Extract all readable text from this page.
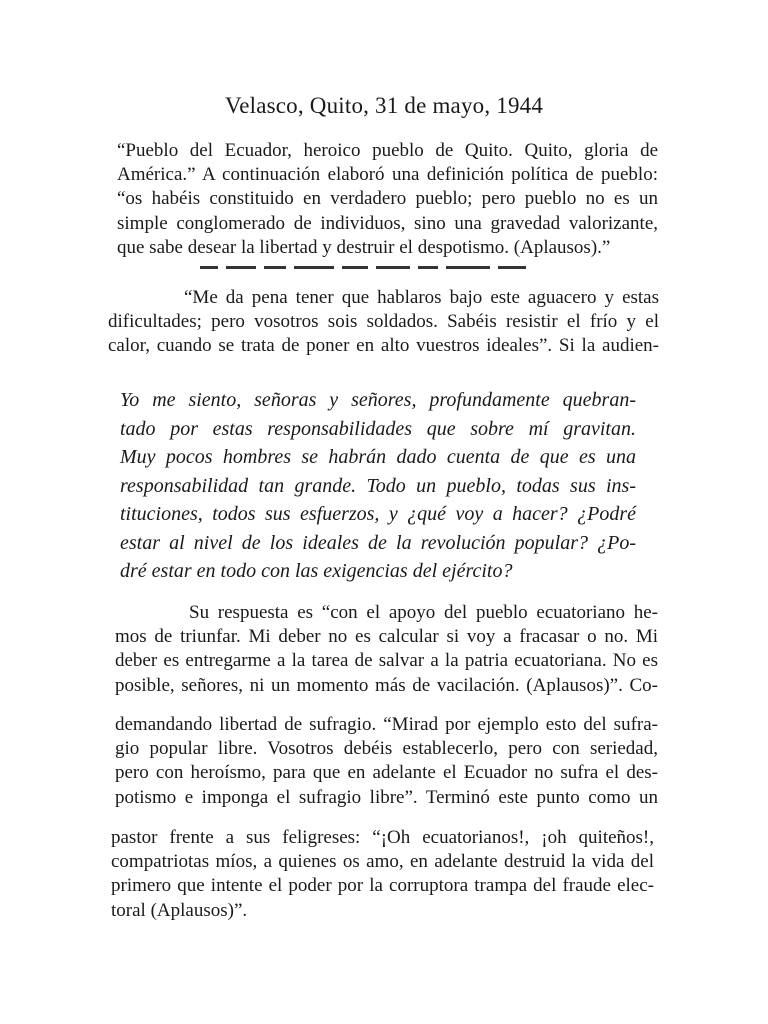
Velasco, Quito, 31 de mayo, 1944
“Pueblo del Ecuador, heroico pueblo de Quito. Quito, gloria de
América.” A continuación elaboró una definición política de pueblo:
“os habéis constituido en verdadero pueblo; pero pueblo no es un
simple conglomerado de individuos, sino una gravedad valorizante,
que sabe desear la libertad y destruir el despotismo. (Aplausos).”
“Me da pena tener que hablaros bajo este aguacero y estas
dificultades; pero vosotros sois soldados. Sabéis resistir el frío y el
calor, cuando se trata de poner en alto vuestros ideales”. Si la audien-
Yo me siento, señoras y señores, profundamente quebran-
tado por estas responsabilidades que sobre mí gravitan.
Muy pocos hombres se habrán dado cuenta de que es una
responsabilidad tan grande. Todo un pueblo, todas sus ins-
tituciones, todos sus esfuerzos, y ¿qué voy a hacer? ¿Podré
estar al nivel de los ideales de la revolución popular? ¿Po-
dré estar en todo con las exigencias del ejército?
Su respuesta es “con el apoyo del pueblo ecuatoriano he-
mos de triunfar. Mi deber no es calcular si voy a fracasar o no. Mi
deber es entregarme a la tarea de salvar a la patria ecuatoriana. No es
posible, señores, ni un momento más de vacilación. (Aplausos)”. Co-
demandando libertad de sufragio. “Mirad por ejemplo esto del sufra-
gio popular libre. Vosotros debéis establecerlo, pero con seriedad,
pero con heroísmo, para que en adelante el Ecuador no sufra el des-
potismo e imponga el sufragio libre”. Terminó este punto como un
pastor frente a sus feligreses: “¡Oh ecuatorianos!, ¡oh quiteños!,
compatriotas míos, a quienes os amo, en adelante destruid la vida del
primero que intente el poder por la corruptora trampa del fraude elec-
toral (Aplausos)”.
